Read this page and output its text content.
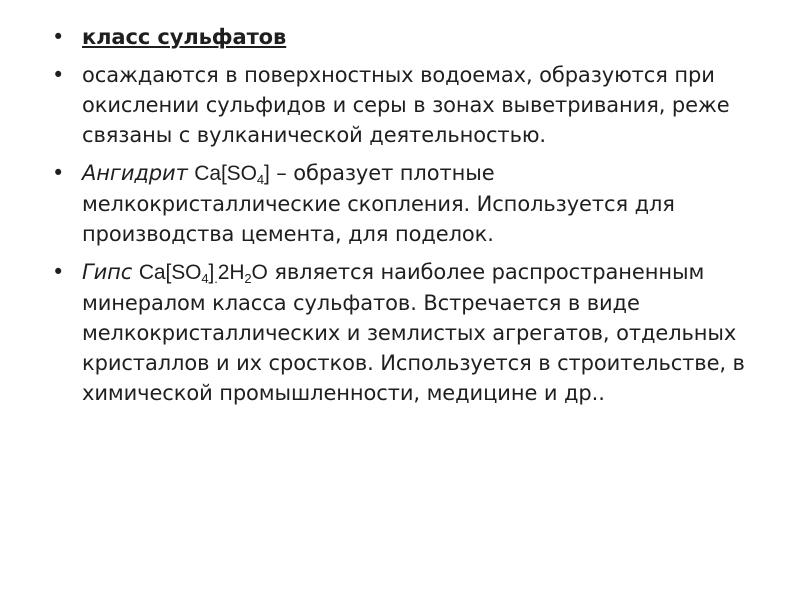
• класс сульфатов
• осаждаются в поверхностных водоемах, образуются при окислении сульфидов и серы в зонах выветривания, реже связаны с вулканической деятельностью.
• Ангидрит $Ca[SO_4]$ – образует плотные мелкокристаллические скопления. Используется для производства цемента, для поделок.
• Гипс $Ca[SO_4]_.2H_2O$ является наиболее распространенным минералом класса сульфатов. Встречается в виде мелкокристаллических и землистых агрегатов, отдельных кристаллов и их сростков. Используется в строительстве, в химической промышленности, медицине и др..
